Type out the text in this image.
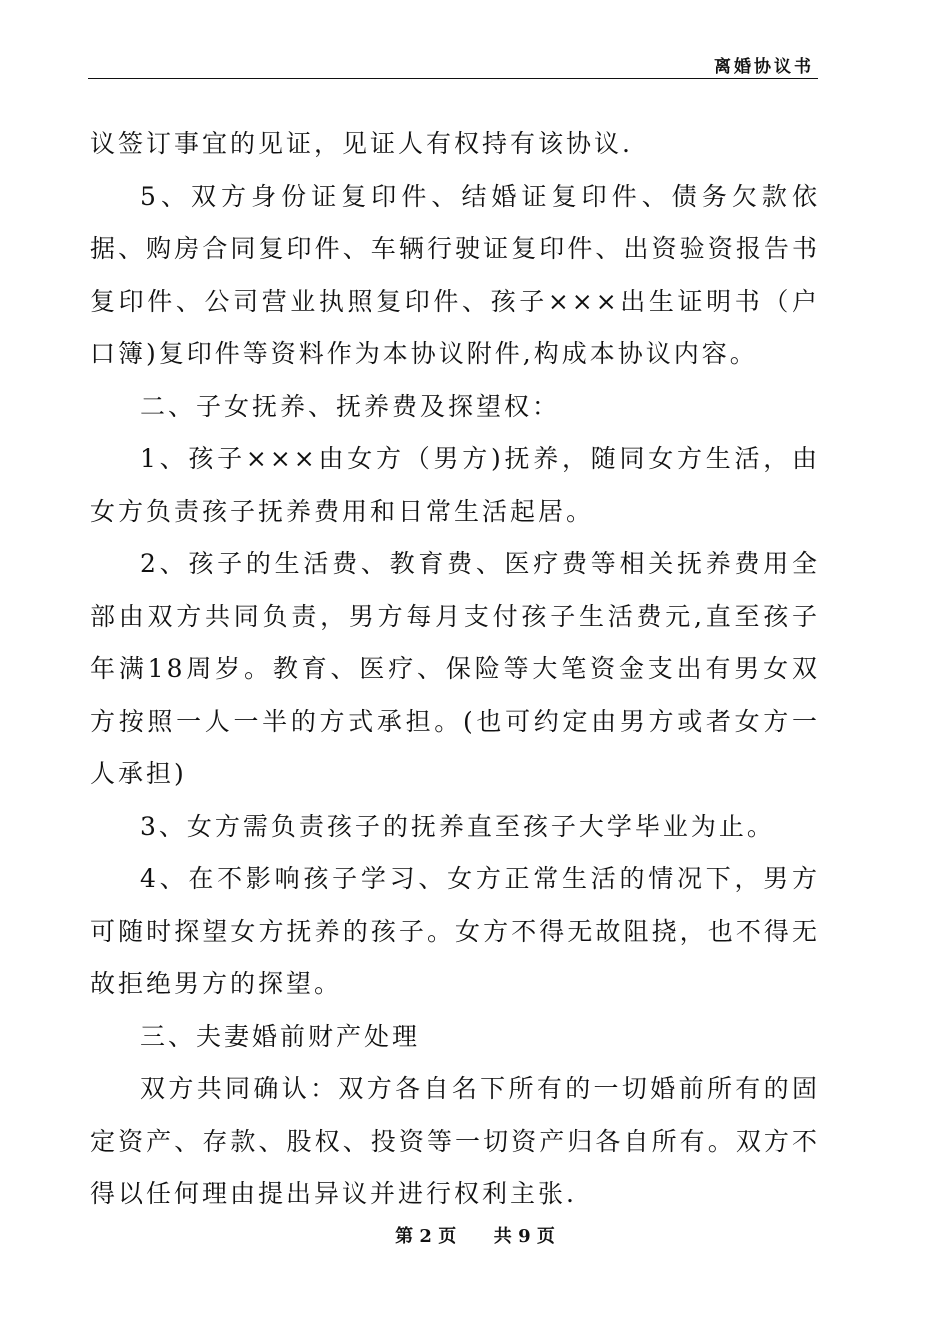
离婚协议书

议签订事宜的见证，见证人有权持有该协议.

5、双方身份证复印件、结婚证复印件、债务欠款依据、购房合同复印件、车辆行驶证复印件、出资验资报告书复印件、公司营业执照复印件、孩子×××出生证明书（户口簿)复印件等资料作为本协议附件,构成本协议内容。

二、子女抚养、抚养费及探望权：

1、孩子×××由女方（男方)抚养，随同女方生活，由女方负责孩子抚养费用和日常生活起居。

2、孩子的生活费、教育费、医疗费等相关抚养费用全部由双方共同负责，男方每月支付孩子生活费元,直至孩子年满18周岁。教育、医疗、保险等大笔资金支出有男女双方按照一人一半的方式承担。(也可约定由男方或者女方一人承担)

3、女方需负责孩子的抚养直至孩子大学毕业为止。

4、在不影响孩子学习、女方正常生活的情况下，男方可随时探望女方抚养的孩子。女方不得无故阻挠，也不得无故拒绝男方的探望。

三、夫妻婚前财产处理

双方共同确认：双方各自名下所有的一切婚前所有的固定资产、存款、股权、投资等一切资产归各自所有。双方不得以任何理由提出异议并进行权利主张.

第 2 页      共 9 页
